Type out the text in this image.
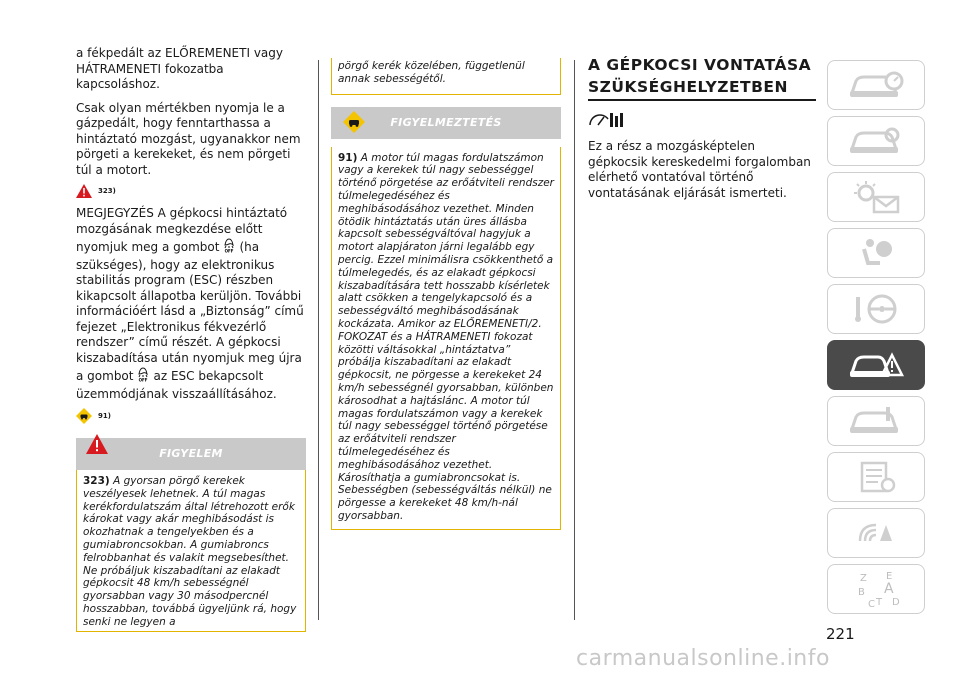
a fékpedált az ELŐREMENETI vagy HÁTRAMENETI fokozatba kapcsoláshoz.

Csak olyan mértékben nyomja le a gázpedált, hogy fenntarthassa a hintáztató mozgást, ugyanakkor nem pörgeti a kerekeket, és nem pörgeti túl a motort.

323)

MEGJEGYZÉS A gépkocsi hintáztató mozgásának megkezdése előtt nyomjuk meg a gombot OFF (ha szükséges), hogy az elektronikus stabilitás program (ESC) részben kikapcsolt állapotba kerüljön. További információért lásd a „Biztonság” című fejezet „Elektronikus fékvezérlő rendszer” című részét. A gépkocsi kiszabadítása után nyomjuk meg újra a gombot OFF az ESC bekapcsolt üzemmódjának visszaállításához.

91)
FIGYELEM
323) A gyorsan pörgő kerekek veszélyesek lehetnek. A túl magas kerékfordulatszám által létrehozott erők károkat vagy akár meghibásodást is okozhatnak a tengelyekben és a gumiabroncsokban. A gumiabroncs felrobbanhat és valakit megsebesíthet. Ne próbáljuk kiszabadítani az elakadt gépkocsit 48 km/h sebességnél gyorsabban vagy 30 másodpercnél hosszabban, továbbá ügyeljünk rá, hogy senki ne legyen a
pörgő kerék közelében, függetlenül annak sebességétől.
FIGYELMEZTETÉS
91) A motor túl magas fordulatszámon vagy a kerekek túl nagy sebességgel történő pörgetése az erőátviteli rendszer túlmelegedéséhez és meghibásodásához vezethet. Minden ötödik hintáztatás után üres állásba kapcsolt sebességváltóval hagyjuk a motort alapjáraton járni legalább egy percig. Ezzel minimálisra csökkenthető a túlmelegedés, és az elakadt gépkocsi kiszabadítására tett hosszabb kísérletek alatt csökken a tengelykapcsoló és a sebességváltó meghibásodásának kockázata. Amikor az ELŐREMENETI/2. FOKOZAT és a HÁTRAMENETI fokozat közötti váltásokkal „hintáztatva” próbálja kiszabadítani az elakadt gépkocsit, ne pörgesse a kerekeket 24 km/h sebességnél gyorsabban, különben károsodhat a hajtáslánc. A motor túl magas fordulatszámon vagy a kerekek túl nagy sebességgel történő pörgetése az erőátviteli rendszer túlmelegedéséhez és meghibásodásához vezethet. Károsíthatja a gumiabroncsokat is. Sebességben (sebességváltás nélkül) ne pörgesse a kerekeket 48 km/h-nál gyorsabban.
A GÉPKOCSI VONTATÁSA
SZÜKSÉGHELYZETBEN

Ez a rész a mozgásképtelen gépkocsik kereskedelmi forgalomban elérhető vontatóval történő vontatásának eljárását ismerteti.

Z E
B A
C T D
221
carmanualsonline.info
